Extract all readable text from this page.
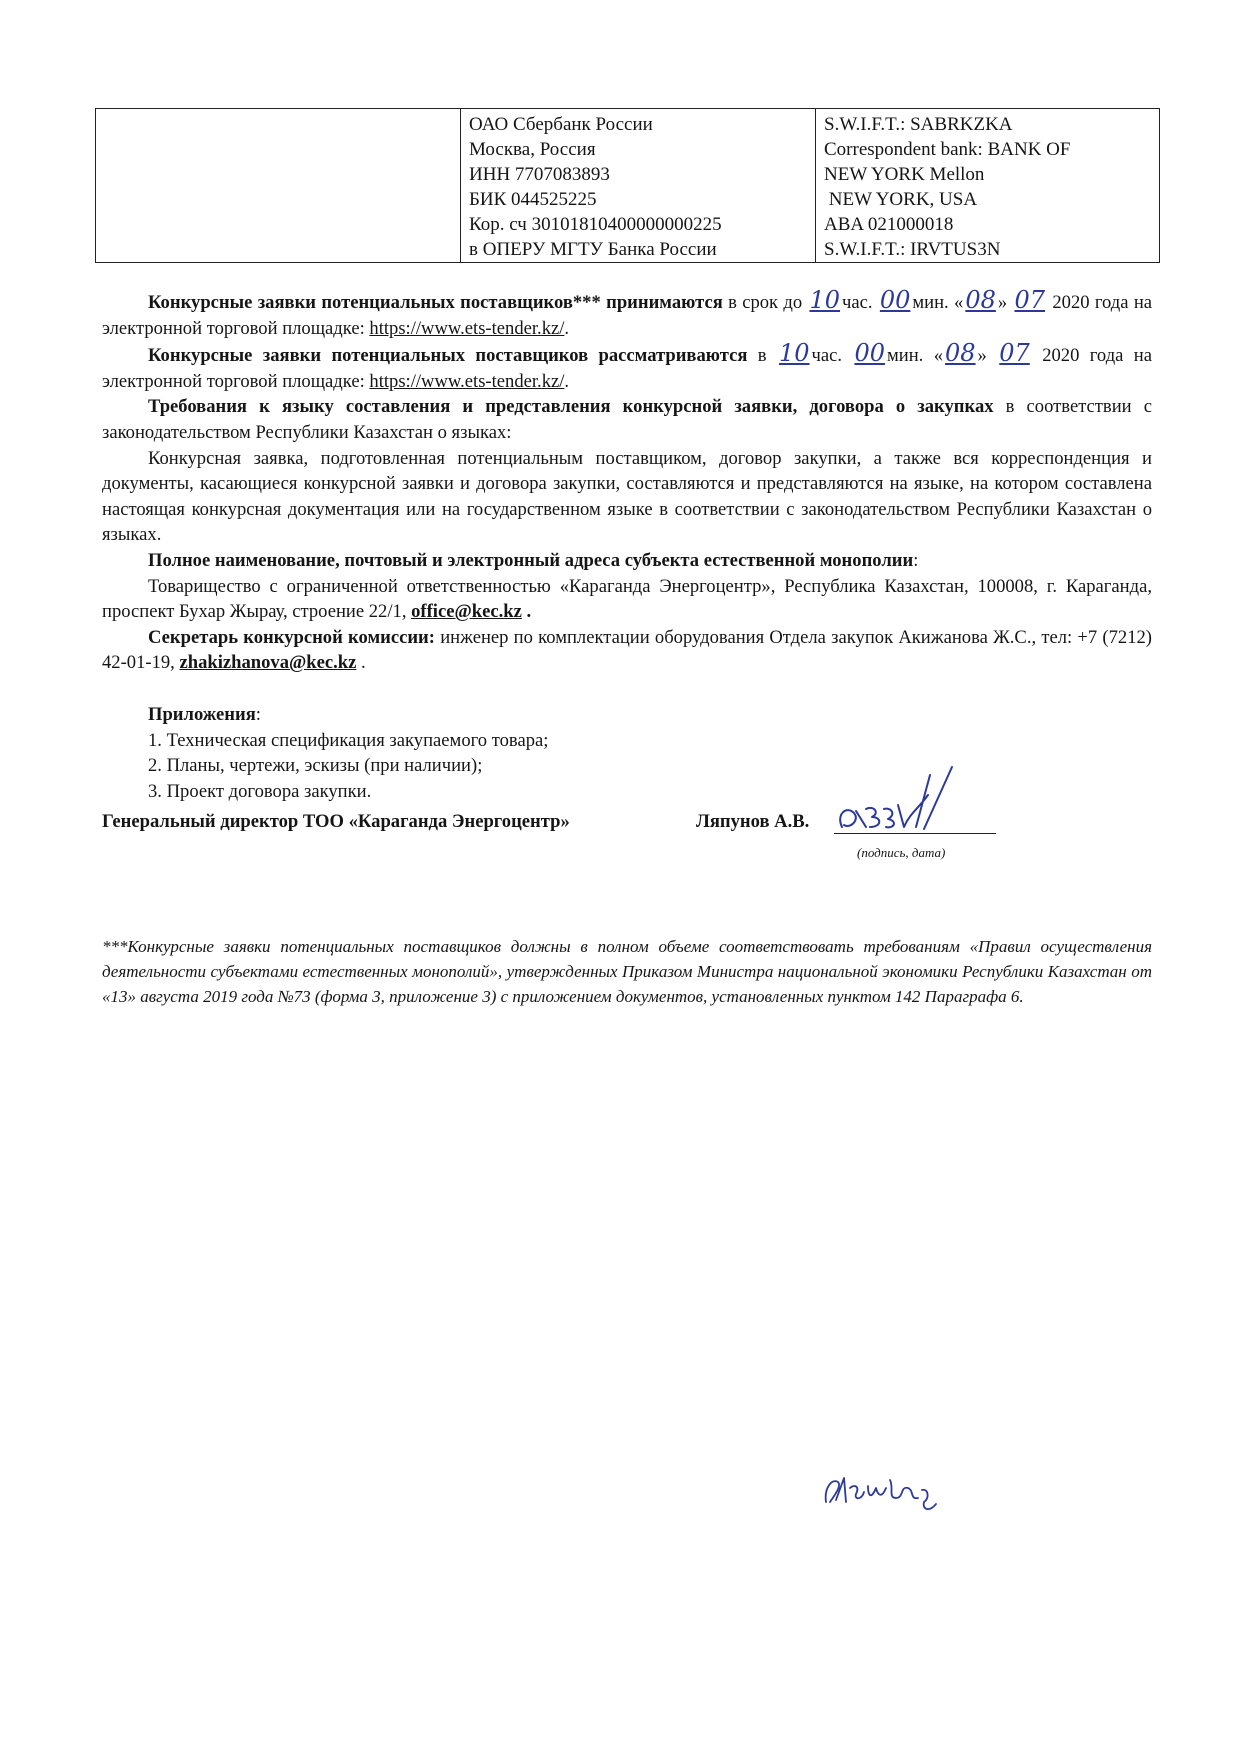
ОАО Сбербанк России
Москва, Россия
ИНН 7707083893
БИК 044525225
Кор. сч 30101810400000000225
в ОПЕРУ МГТУ Банка России

S.W.I.F.T.: SABRKZKA
Correspondent bank: BANK OF
NEW YORK Mellon
NEW YORK, USA
ABA 021000018
S.W.I.F.T.: IRVTUS3N

Конкурсные заявки потенциальных поставщиков*** принимаются в срок до 10 час. 00 мин. «08 » 07 2020 года на электронной торговой площадке: https://www.ets-tender.kz/.

Конкурсные заявки потенциальных поставщиков рассматриваются в 10 час. 00 мин. «08 » 07 2020 года на электронной торговой площадке: https://www.ets-tender.kz/.

Требования к языку составления и представления конкурсной заявки, договора о закупках в соответствии с законодательством Республики Казахстан о языках:

Конкурсная заявка, подготовленная потенциальным поставщиком, договор закупки, а также вся корреспонденция и документы, касающиеся конкурсной заявки и договора закупки, составляются и представляются на языке, на котором составлена настоящая конкурсная документация или на государственном языке в соответствии с законодательством Республики Казахстан о языках.

Полное наименование, почтовый и электронный адреса субъекта естественной монополии:

Товарищество с ограниченной ответственностью «Караганда Энергоцентр», Республика Казахстан, 100008, г. Караганда, проспект Бухар Жырау, строение 22/1, office@kec.kz .

Секретарь конкурсной комиссии: инженер по комплектации оборудования Отдела закупок Акижанова Ж.С., тел: +7 (7212) 42-01-19, zhakizhanova@kec.kz .

Приложения:

1. Техническая спецификация закупаемого товара;

2. Планы, чертежи, эскизы (при наличии);

3. Проект договора закупки.

Генеральный директор ТОО «Караганда Энергоцентр»	Ляпунов А.В.
(подпись, дата)

***Конкурсные заявки потенциальных поставщиков должны в полном объеме соответствовать требованиям «Правил осуществления деятельности субъектами естественных монополий», утвержденных Приказом Министра национальной экономики Республики Казахстан от «13» августа 2019 года №73 (форма 3, приложение 3) с приложением документов, установленных пунктом 142 Параграфа 6.
